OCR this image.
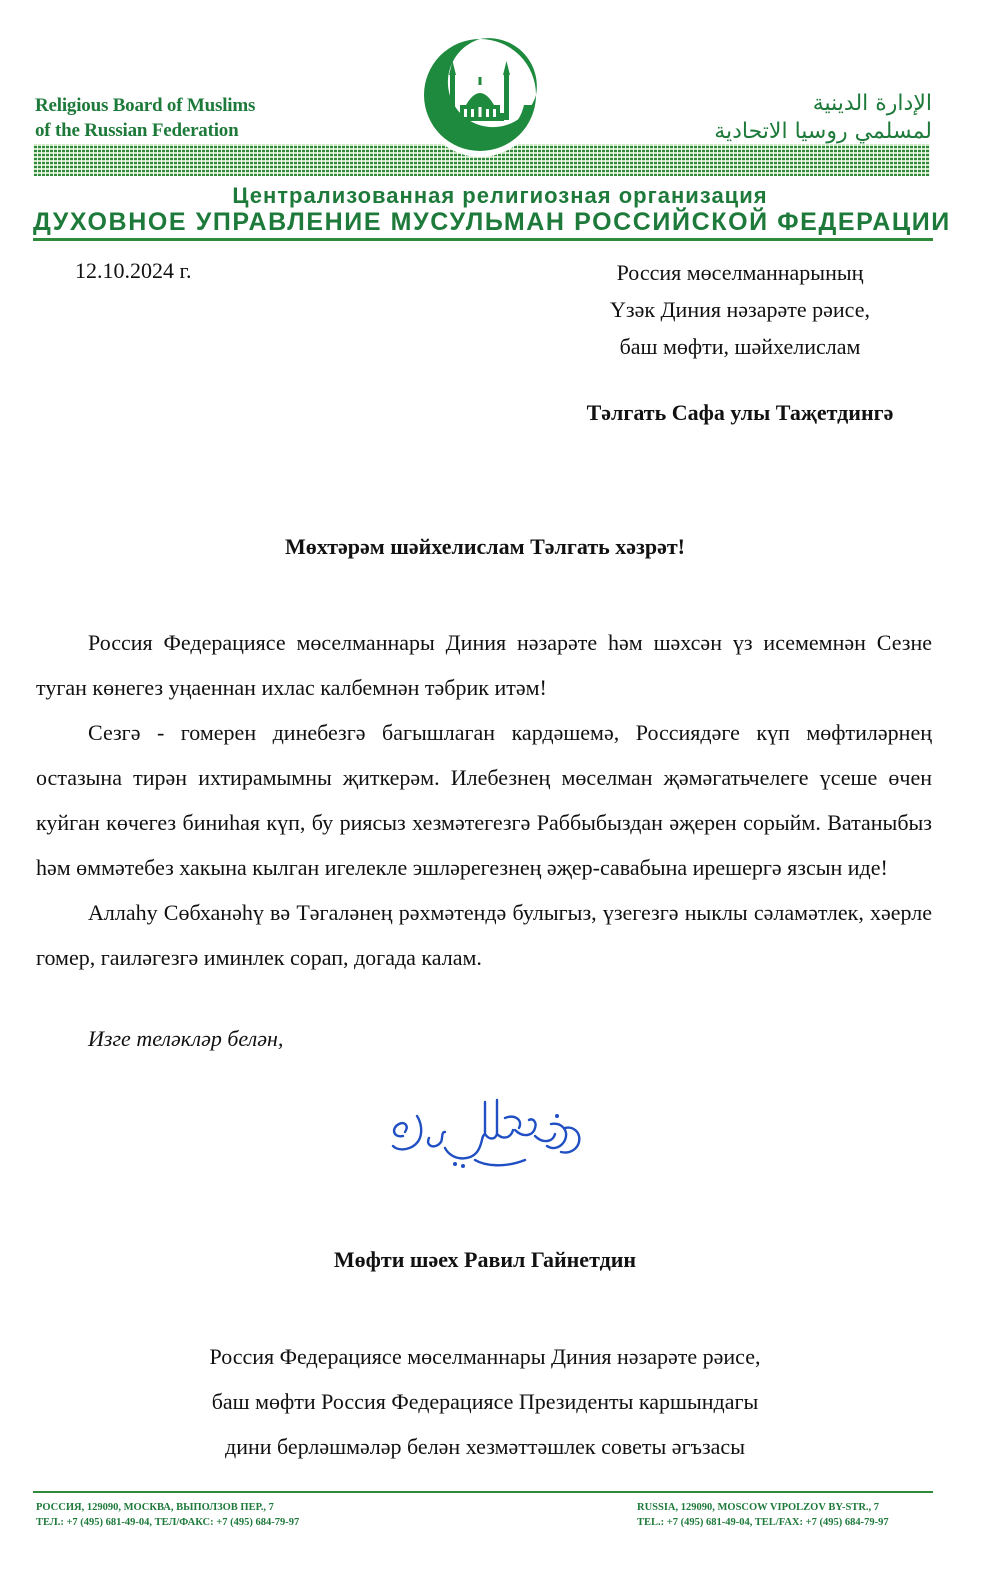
Religious Board of Muslims
of the Russian Federation
الإدارة الدينية
لمسلمي روسيا الاتحادية
Централизованная религиозная организация
ДУХОВНОЕ УПРАВЛЕНИЕ МУСУЛЬМАН РОССИЙСКОЙ ФЕДЕРАЦИИ
12.10.2024 г.	Россия мөселманнарының
Үзәк Диния нәзарәте рәисе,
баш мөфти, шәйхелислам
Тәлгать Сафа улы Таҗетдингә
Мөхтәрәм шәйхелислам Тәлгать хәзрәт!

Россия Федерациясе мөселманнары Диния нәзарәте һәм шәхсән үз исемемнән Сезне туган көнегез уңаеннан ихлас калбемнән тәбрик итәм!

Сезгә - гомерен динебезгә багышлаган кардәшемә, Россиядәге күп мөфтиләрнең остазына тирән ихтирамымны җиткерәм. Илебезнең мөселман җәмәгатьчелеге үсеше өчен куйган көчегез биниһая күп, бу риясыз хезмәтегезгә Раббыбыздан әҗерен сорыйм. Ватаныбыз һәм өммәтебез хакына кылган игелекле эшләрегезнең әҗер-савабына ирешергә язсын иде!

Аллаһу Сөбханәһү вә Тәгаләнең рәхмәтендә булыгыз, үзегезгә ныклы сәламәтлек, хәерле гомер, гаиләгезгә иминлек сорап, догада калам.

Изге теләкләр белән,
Мөфти шәех Равил Гайнетдин
Россия Федерациясе мөселманнары Диния нәзарәте рәисе,
баш мөфти Россия Федерациясе Президенты каршындагы
дини берләшмәләр белән хезмәттәшлек советы әгъзасы
РОССИЯ, 129090, МОСКВА, ВЫПОЛЗОВ ПЕР., 7
ТЕЛ.: +7 (495) 681-49-04, ТЕЛ/ФАКС: +7 (495) 684-79-97
RUSSIA, 129090, MOSCOW VIPOLZOV BY-STR., 7
TEL.: +7 (495) 681-49-04, TEL/FAX: +7 (495) 684-79-97
